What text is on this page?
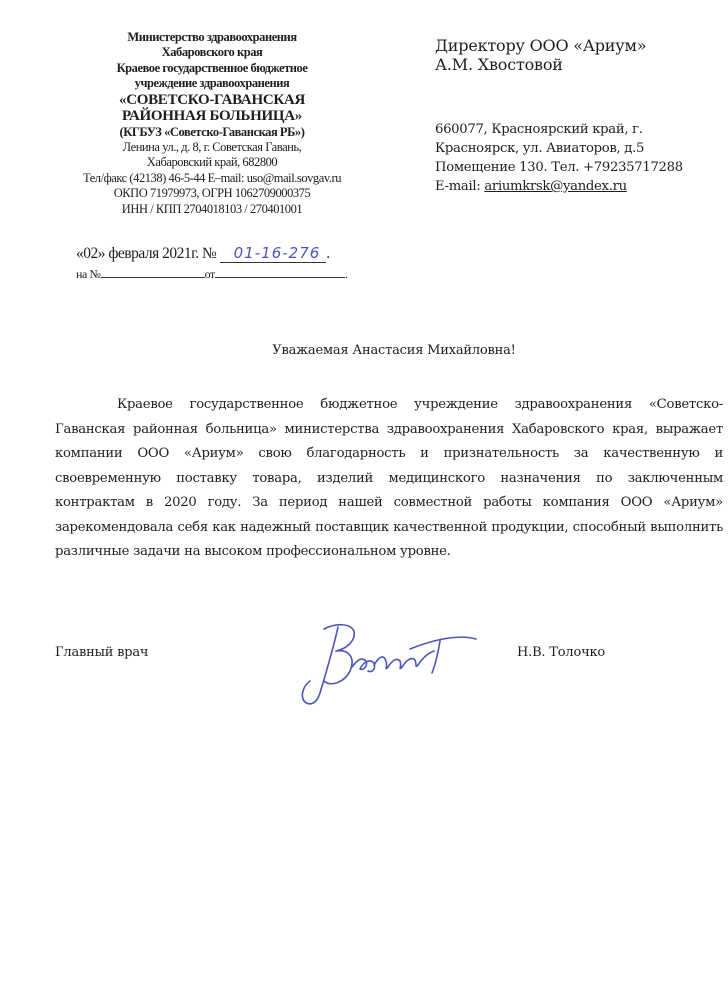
Министерство здравоохранения
Хабаровского края
Краевое государственное бюджетное
учреждение здравоохранения
«СОВЕТСКО-ГАВАНСКАЯ
РАЙОННАЯ БОЛЬНИЦА»
(КГБУЗ «Советско-Гаванская РБ»)
Ленина ул., д. 8, г. Советская Гавань,
Хабаровский край, 682800
Тел/факс (42138) 46-5-44 E–mail: uso@mail.sovgav.ru
ОКПО 71979973, ОГРН 1062709000375
ИНН / КПП 2704018103 / 270401001
«02» февраля 2021г. № 01-16-276 .
на №	от	.
Директору ООО «Ариум»
А.М. Хвостовой
660077, Красноярский край, г.
Красноярск, ул. Авиаторов, д.5
Помещение 130. Тел. +79235717288
E-mail: ariumkrsk@yandex.ru
Уважаемая Анастасия Михайловна!
Краевое государственное бюджетное учреждение здравоохранения «Советско-Гаванская районная больница» министерства здравоохранения Хабаровского края, выражает компании ООО «Ариум» свою благодарность и признательность за качественную и своевременную поставку товара, изделий медицинского назначения по заключенным контрактам в 2020 году. За период нашей совместной работы компания ООО «Ариум» зарекомендовала себя как надежный поставщик качественной продукции, способный выполнить различные задачи на высоком профессиональном уровне.
Главный врач	Н.В. Толочко
